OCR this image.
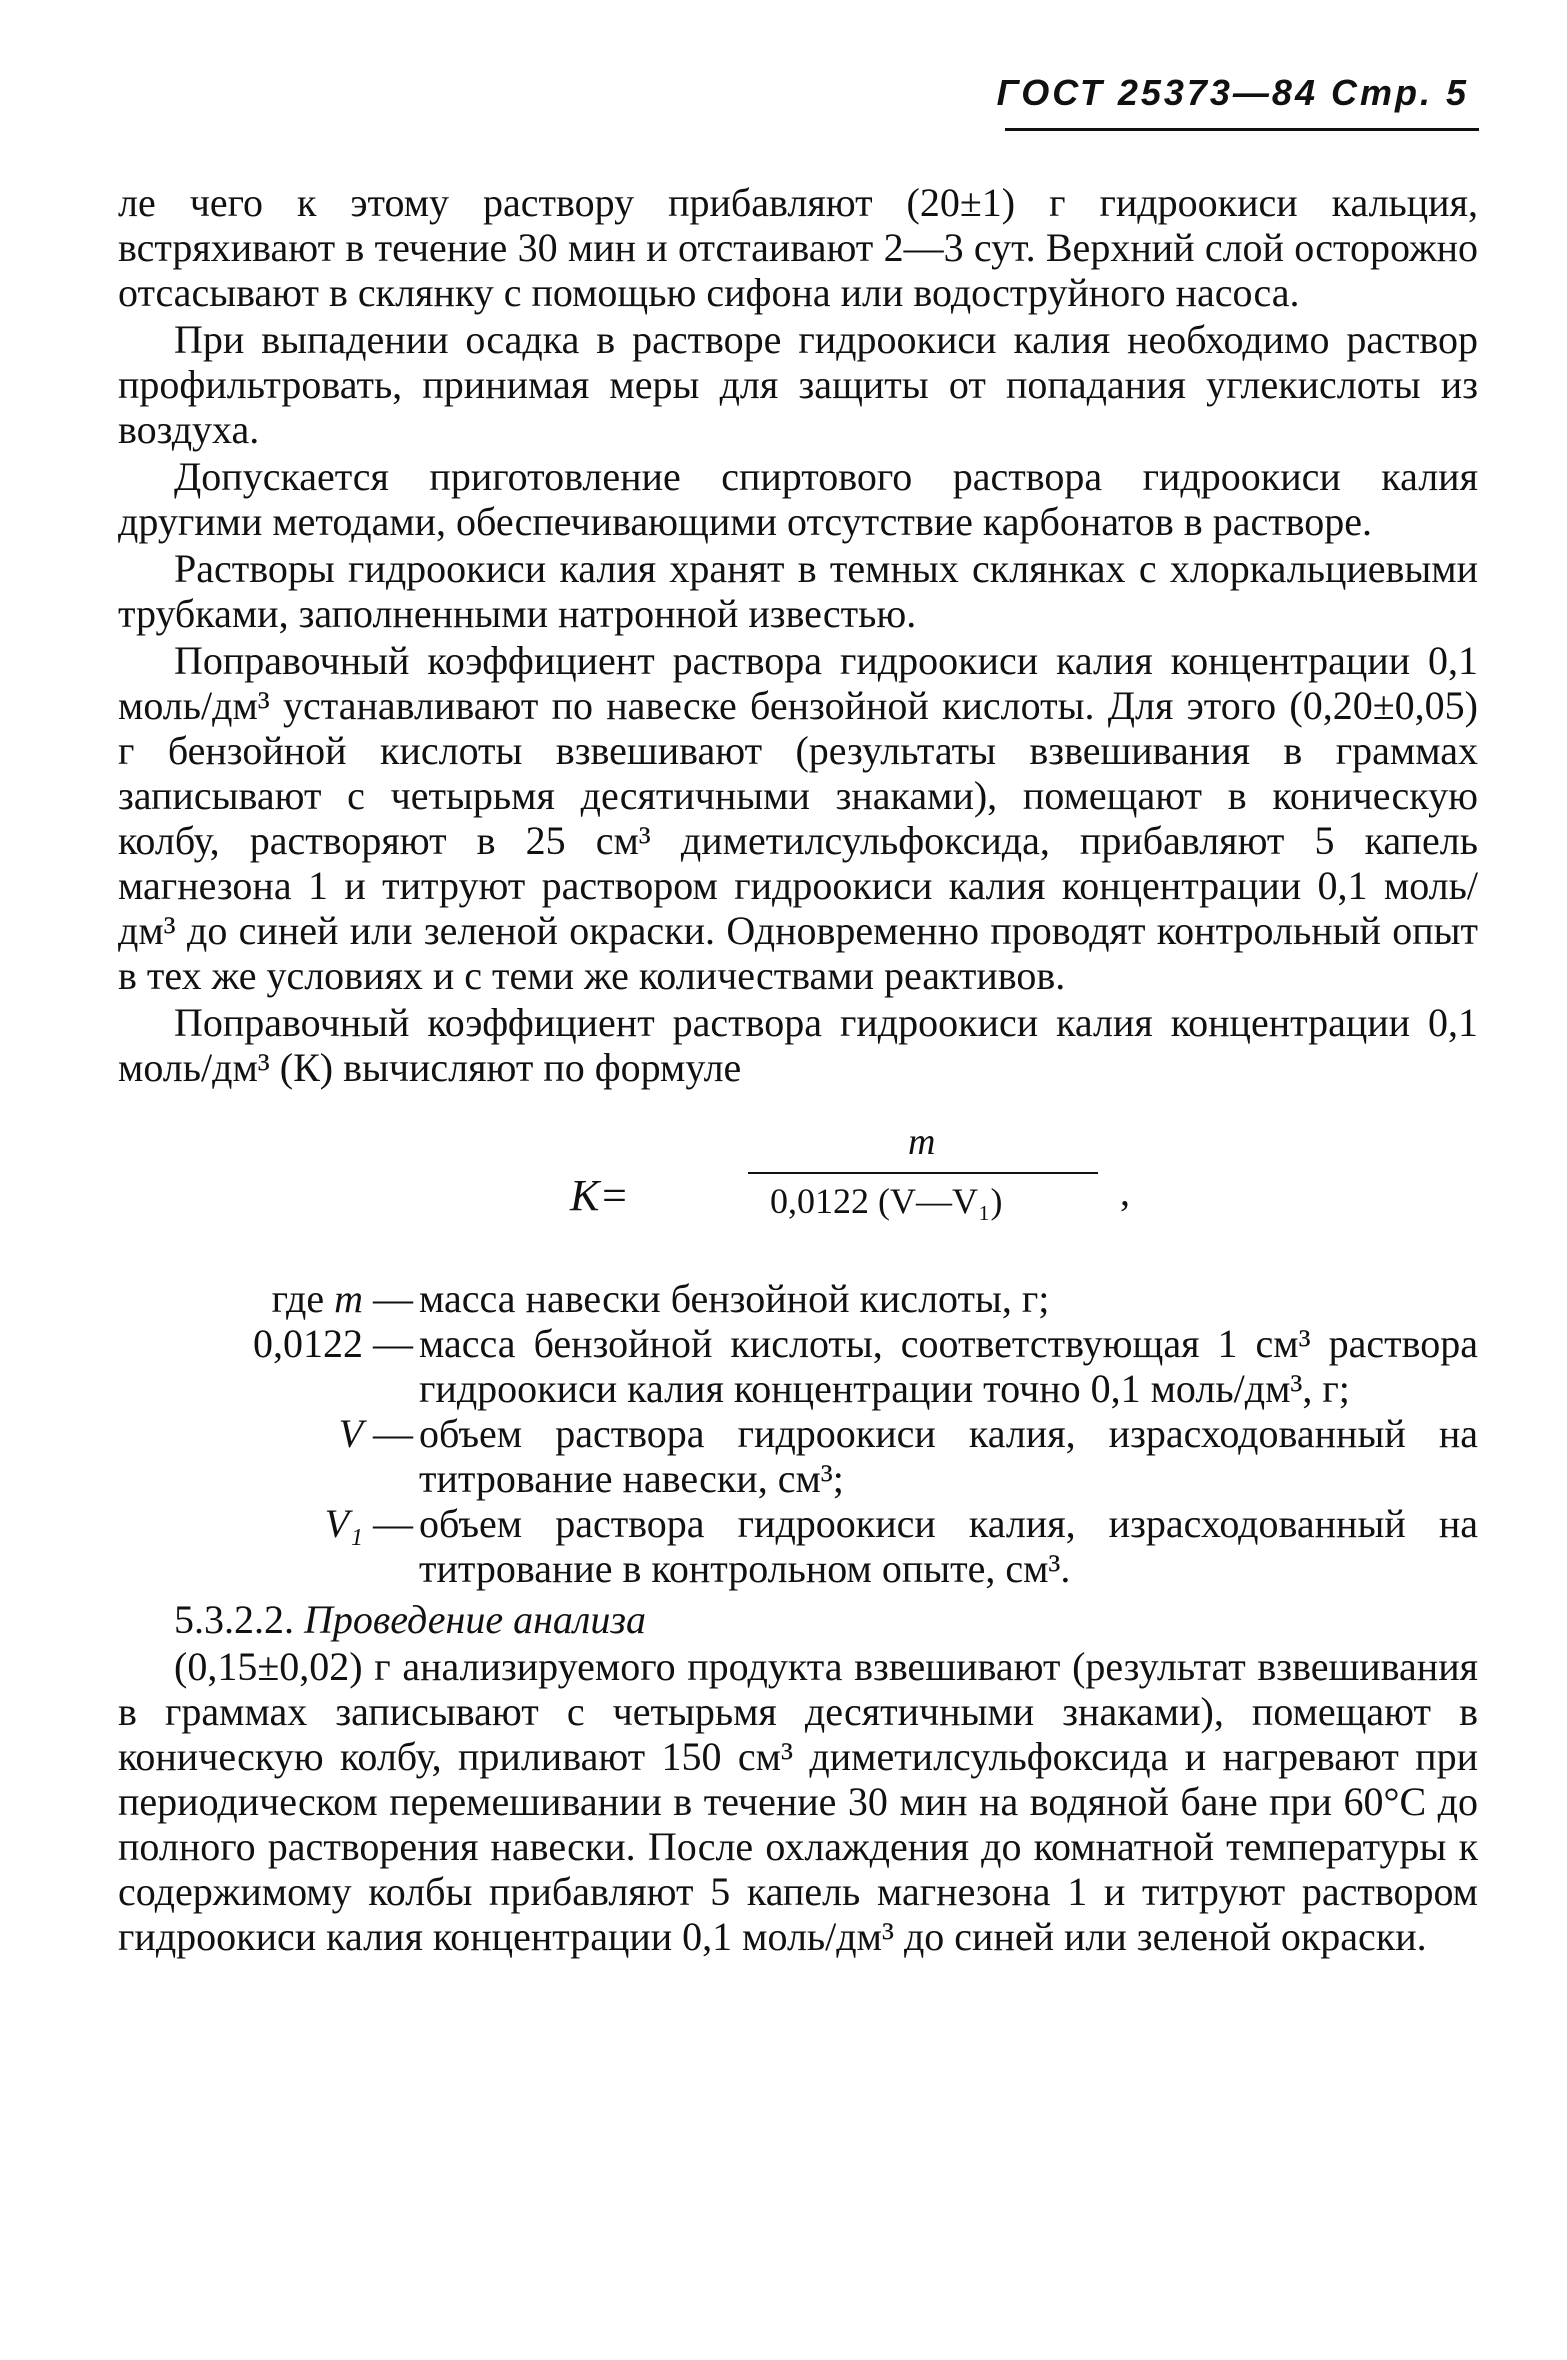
ГОСТ 25373—84 Стр. 5

ле чего к этому раствору прибавляют (20±1) г гидроокиси кальция, встряхивают в течение 30 мин и отстаивают 2—3 сут. Верхний слой осторожно отсасывают в склянку с помощью сифона или водоструйного насоса.

При выпадении осадка в растворе гидроокиси калия необходимо раствор профильтровать, принимая меры для защиты от попадания углекислоты из воздуха.

Допускается приготовление спиртового раствора гидроокиси калия другими методами, обеспечивающими отсутствие карбонатов в растворе.

Растворы гидроокиси калия хранят в темных склянках с хлоркальциевыми трубками, заполненными натронной известью.

Поправочный коэффициент раствора гидроокиси калия концентрации 0,1 моль/дм³ устанавливают по навеске бензойной кислоты. Для этого (0,20±0,05) г бензойной кислоты взвешивают (результаты взвешивания в граммах записывают с четырьмя десятичными знаками), помещают в коническую колбу, растворяют в 25 см³ диметилсульфоксида, прибавляют 5 капель магнезона 1 и титруют раствором гидроокиси калия концентрации 0,1 моль/дм³ до синей или зеленой окраски. Одновременно проводят контрольный опыт в тех же условиях и с теми же количествами реактивов.

Поправочный коэффициент раствора гидроокиси калия концентрации 0,1 моль/дм³ (К) вычисляют по формуле

К=
m
0,0122 (V—V₁)	,
где m — масса навески бензойной кислоты, г;
0,0122 — масса бензойной кислоты, соответствующая 1 см³ раствора гидроокиси калия концентрации точно 0,1 моль/дм³, г;
V — объем раствора гидроокиси калия, израсходованный на титрование навески, см³;
V₁ — объем раствора гидроокиси калия, израсходованный на титрование в контрольном опыте, см³.
5.3.2.2. Проведение анализа

(0,15±0,02) г анализируемого продукта взвешивают (результат взвешивания в граммах записывают с четырьмя десятичными знаками), помещают в коническую колбу, приливают 150 см³ диметилсульфоксида и нагревают при периодическом перемешивании в течение 30 мин на водяной бане при 60°C до полного растворения навески. После охлаждения до комнатной температуры к содержимому колбы прибавляют 5 капель магнезона 1 и титруют раствором гидроокиси калия концентрации 0,1 моль/дм³ до синей или зеленой окраски.
